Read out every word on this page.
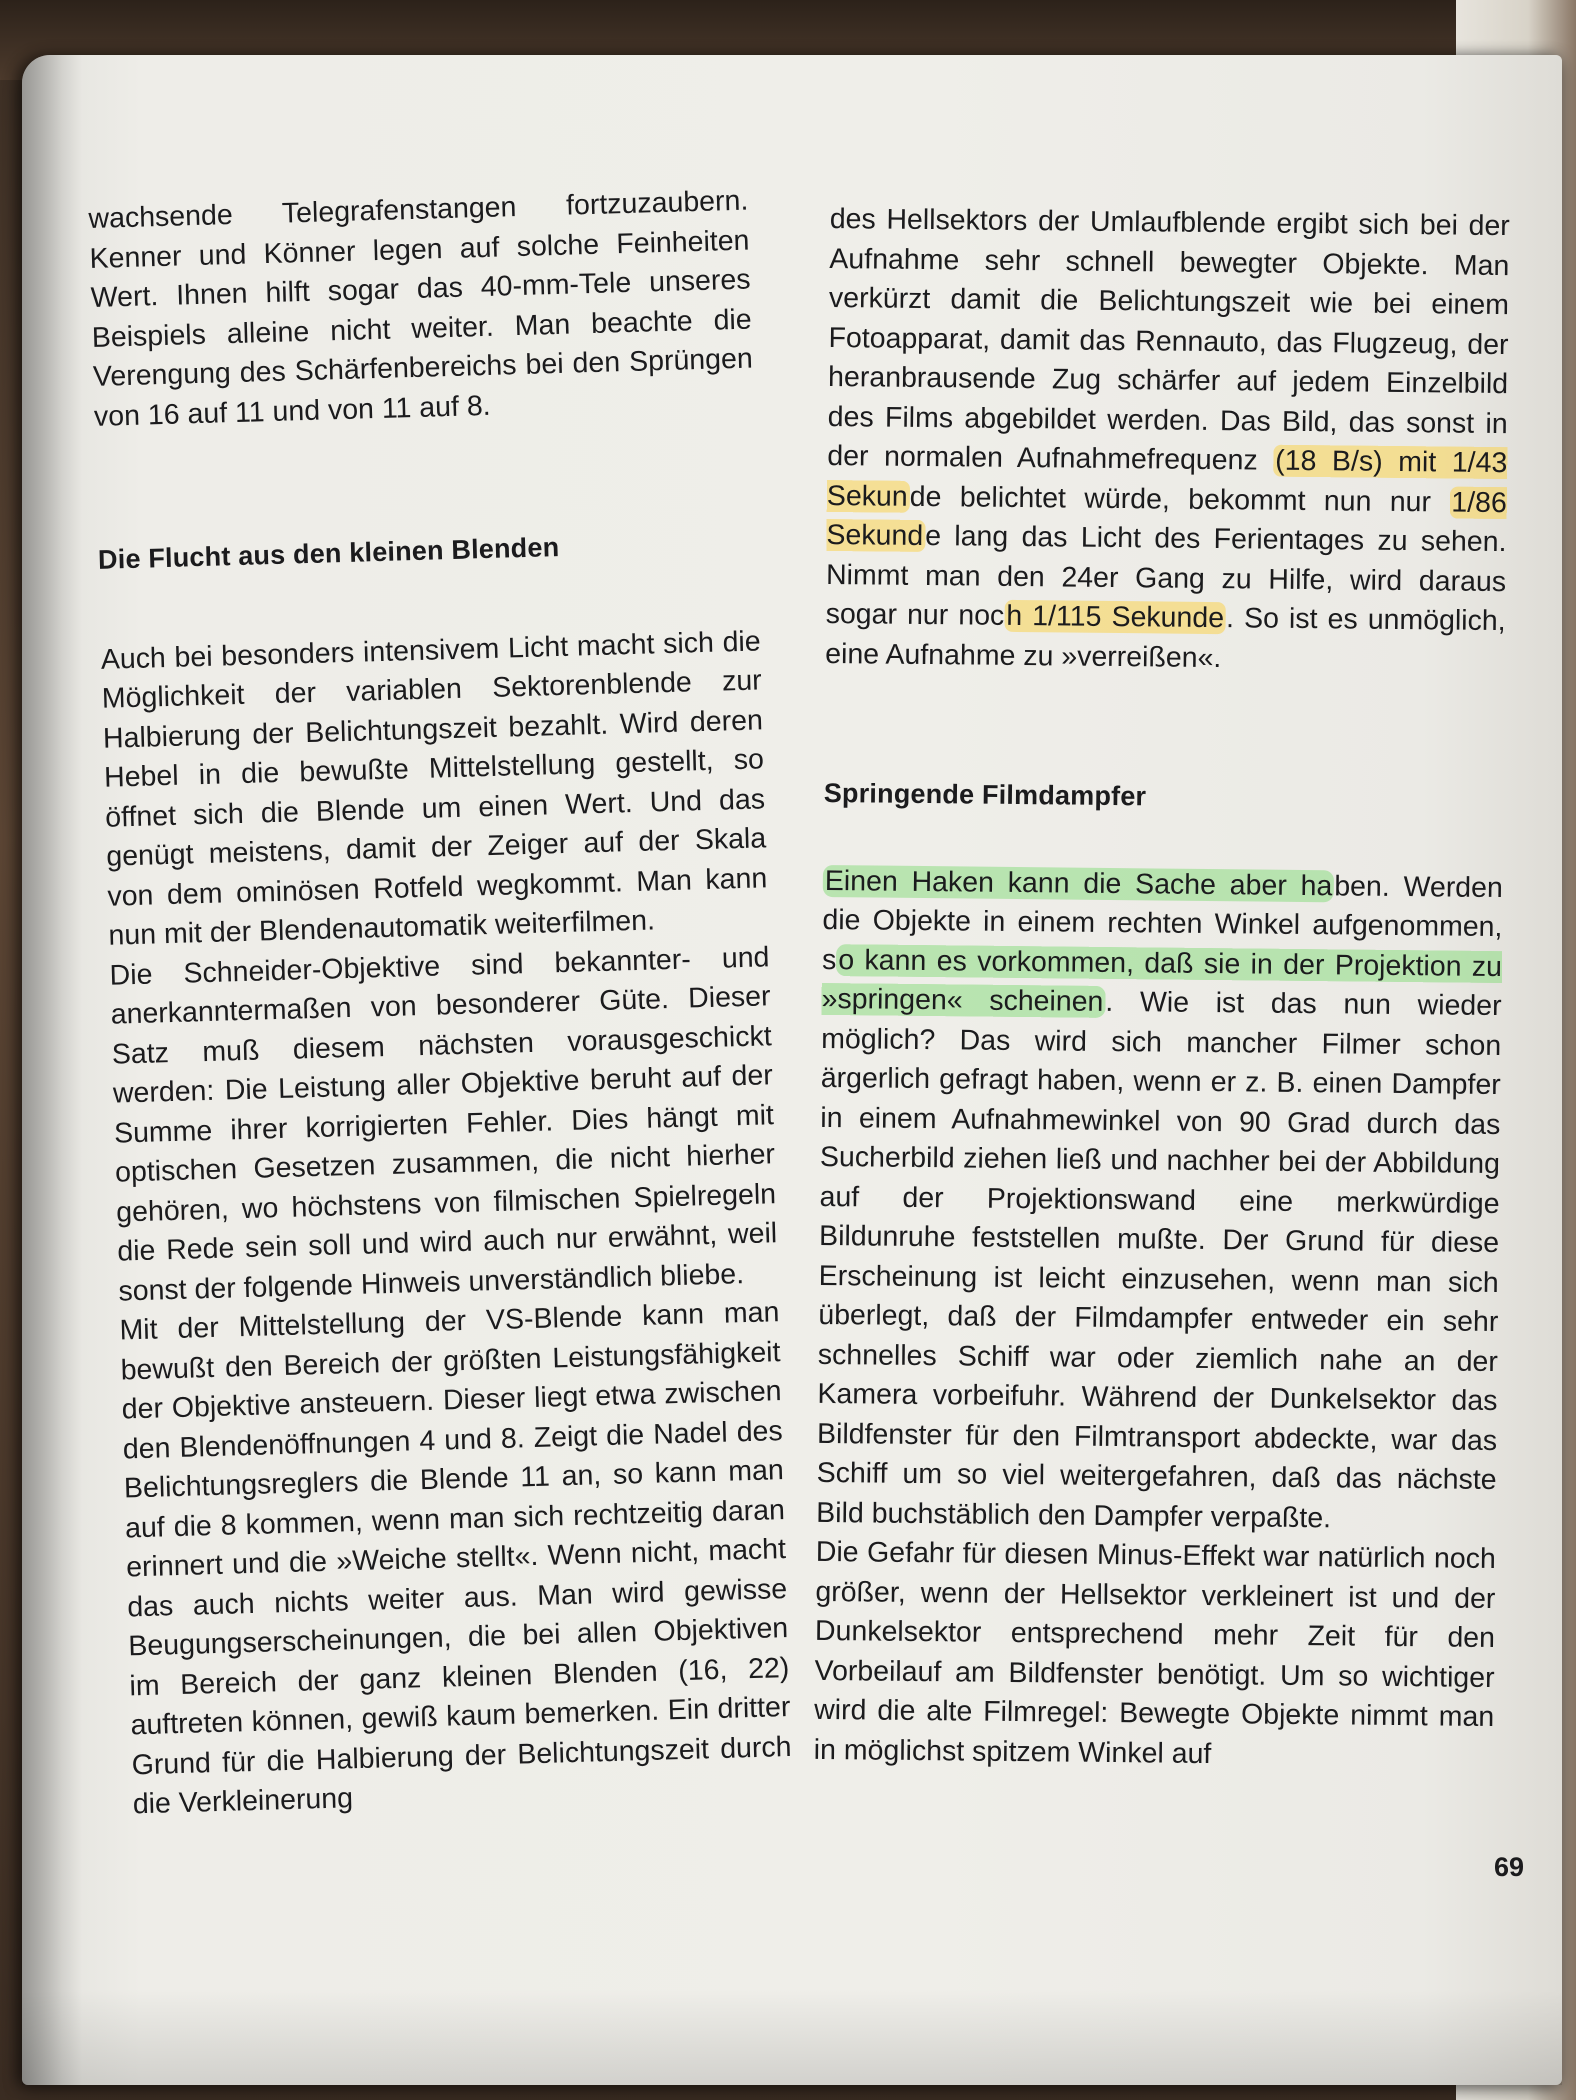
wachsende Telegrafenstangen fortzuzaubern. Kenner und Könner legen auf solche Feinheiten Wert. Ihnen hilft sogar das 40-mm-Tele unseres Beispiels alleine nicht weiter. Man beachte die Verengung des Schärfenbereichs bei den Sprüngen von 16 auf 11 und von 11 auf 8.

Die Flucht aus den kleinen Blenden

Auch bei besonders intensivem Licht macht sich die Möglichkeit der variablen Sektorenblende zur Halbierung der Belichtungszeit bezahlt. Wird deren Hebel in die bewußte Mittelstellung gestellt, so öffnet sich die Blende um einen Wert. Und das genügt meistens, damit der Zeiger auf der Skala von dem ominösen Rotfeld wegkommt. Man kann nun mit der Blendenautomatik weiterfilmen.

Die Schneider-Objektive sind bekannter- und anerkanntermaßen von besonderer Güte. Dieser Satz muß diesem nächsten vorausgeschickt werden: Die Leistung aller Objektive beruht auf der Summe ihrer korrigierten Fehler. Dies hängt mit optischen Gesetzen zusammen, die nicht hierher gehören, wo höchstens von filmischen Spielregeln die Rede sein soll und wird auch nur erwähnt, weil sonst der folgende Hinweis unverständlich bliebe.

Mit der Mittelstellung der VS-Blende kann man bewußt den Bereich der größten Leistungsfähigkeit der Objektive ansteuern. Dieser liegt etwa zwischen den Blendenöffnungen 4 und 8. Zeigt die Nadel des Belichtungsreglers die Blende 11 an, so kann man auf die 8 kommen, wenn man sich rechtzeitig daran erinnert und die »Weiche stellt«. Wenn nicht, macht das auch nichts weiter aus. Man wird gewisse Beugungserscheinungen, die bei allen Objektiven im Bereich der ganz kleinen Blenden (16, 22) auftreten können, gewiß kaum bemerken. Ein dritter Grund für die Halbierung der Belichtungszeit durch die Verkleinerung

des Hellsektors der Umlaufblende ergibt sich bei der Aufnahme sehr schnell bewegter Objekte. Man verkürzt damit die Belichtungszeit wie bei einem Fotoapparat, damit das Rennauto, das Flugzeug, der heranbrausende Zug schärfer auf jedem Einzelbild des Films abgebildet werden. Das Bild, das sonst in der normalen Aufnahmefrequenz (18 B/s) mit 1/43 Sekunde belichtet würde, bekommt nun nur 1/86 Sekunde lang das Licht des Ferientages zu sehen. Nimmt man den 24er Gang zu Hilfe, wird daraus sogar nur noch 1/115 Sekunde. So ist es unmöglich, eine Aufnahme zu »verreißen«.

Springende Filmdampfer

Einen Haken kann die Sache aber haben. Werden die Objekte in einem rechten Winkel aufgenommen, so kann es vorkommen, daß sie in der Projektion zu »springen« scheinen. Wie ist das nun wieder möglich? Das wird sich mancher Filmer schon ärgerlich gefragt haben, wenn er z. B. einen Dampfer in einem Aufnahmewinkel von 90 Grad durch das Sucherbild ziehen ließ und nachher bei der Abbildung auf der Projektionswand eine merkwürdige Bildunruhe feststellen mußte. Der Grund für diese Erscheinung ist leicht einzusehen, wenn man sich überlegt, daß der Filmdampfer entweder ein sehr schnelles Schiff war oder ziemlich nahe an der Kamera vorbeifuhr. Während der Dunkelsektor das Bildfenster für den Filmtransport abdeckte, war das Schiff um so viel weitergefahren, daß das nächste Bild buchstäblich den Dampfer verpaßte.

Die Gefahr für diesen Minus-Effekt war natürlich noch größer, wenn der Hellsektor verkleinert ist und der Dunkelsektor entsprechend mehr Zeit für den Vorbeilauf am Bildfenster benötigt. Um so wichtiger wird die alte Filmregel: Bewegte Objekte nimmt man in möglichst spitzem Winkel auf

69
